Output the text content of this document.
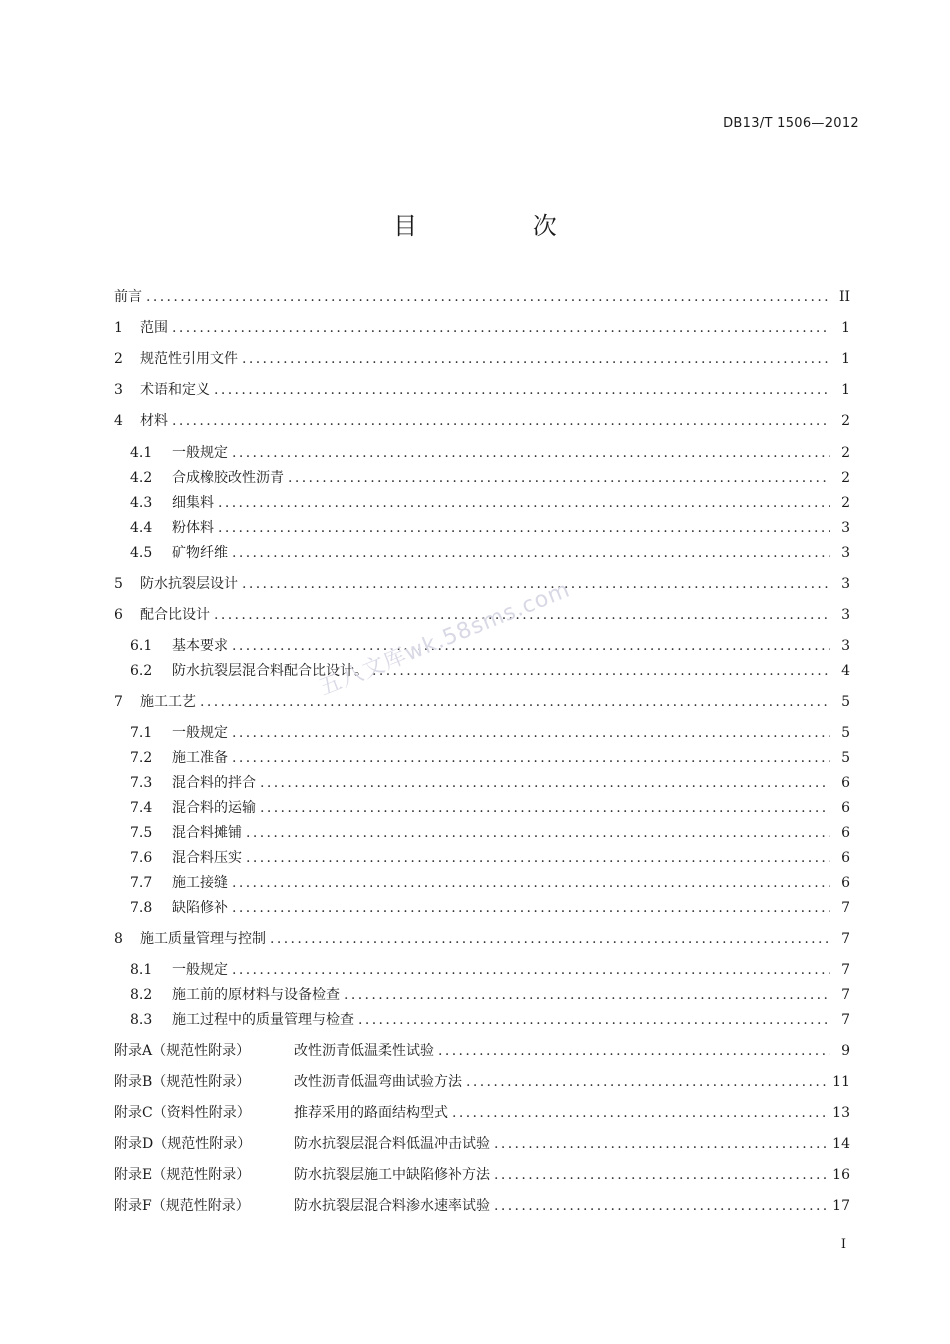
DB13/T 1506—2012
目 次
前言 .....	II
1	范围 .....	1
2	规范性引用文件 .....	1
3	术语和定义 .....	1
4	材料 .....	2
4.1	一般规定 .....	2
4.2	合成橡胶改性沥青 .....	2
4.3	细集料 .....	2
4.4	粉体料 .....	3
4.5	矿物纤维 .....	3
5	防水抗裂层设计 .....	3
6	配合比设计 .....	3
6.1	基本要求 .....	3
6.2	防水抗裂层混合料配合比设计。 .....	4
7	施工工艺 .....	5
7.1	一般规定 .....	5
7.2	施工准备 .....	5
7.3	混合料的拌合 .....	6
7.4	混合料的运输 .....	6
7.5	混合料摊铺 .....	6
7.6	混合料压实 .....	6
7.7	施工接缝 .....	6
7.8	缺陷修补 .....	7
8	施工质量管理与控制 .....	7
8.1	一般规定 .....	7
8.2	施工前的原材料与设备检查 .....	7
8.3	施工过程中的质量管理与检查 .....	7
附录A（规范性附录）	改性沥青低温柔性试验 .....	9
附录B（规范性附录）	改性沥青低温弯曲试验方法 .....	11
附录C（资料性附录）	推荐采用的路面结构型式 .....	13
附录D（规范性附录）	防水抗裂层混合料低温冲击试验 .....	14
附录E（规范性附录）	防水抗裂层施工中缺陷修补方法 .....	16
附录F（规范性附录）	防水抗裂层混合料渗水速率试验 .....	17
五八文库wk.58sms.com
I
